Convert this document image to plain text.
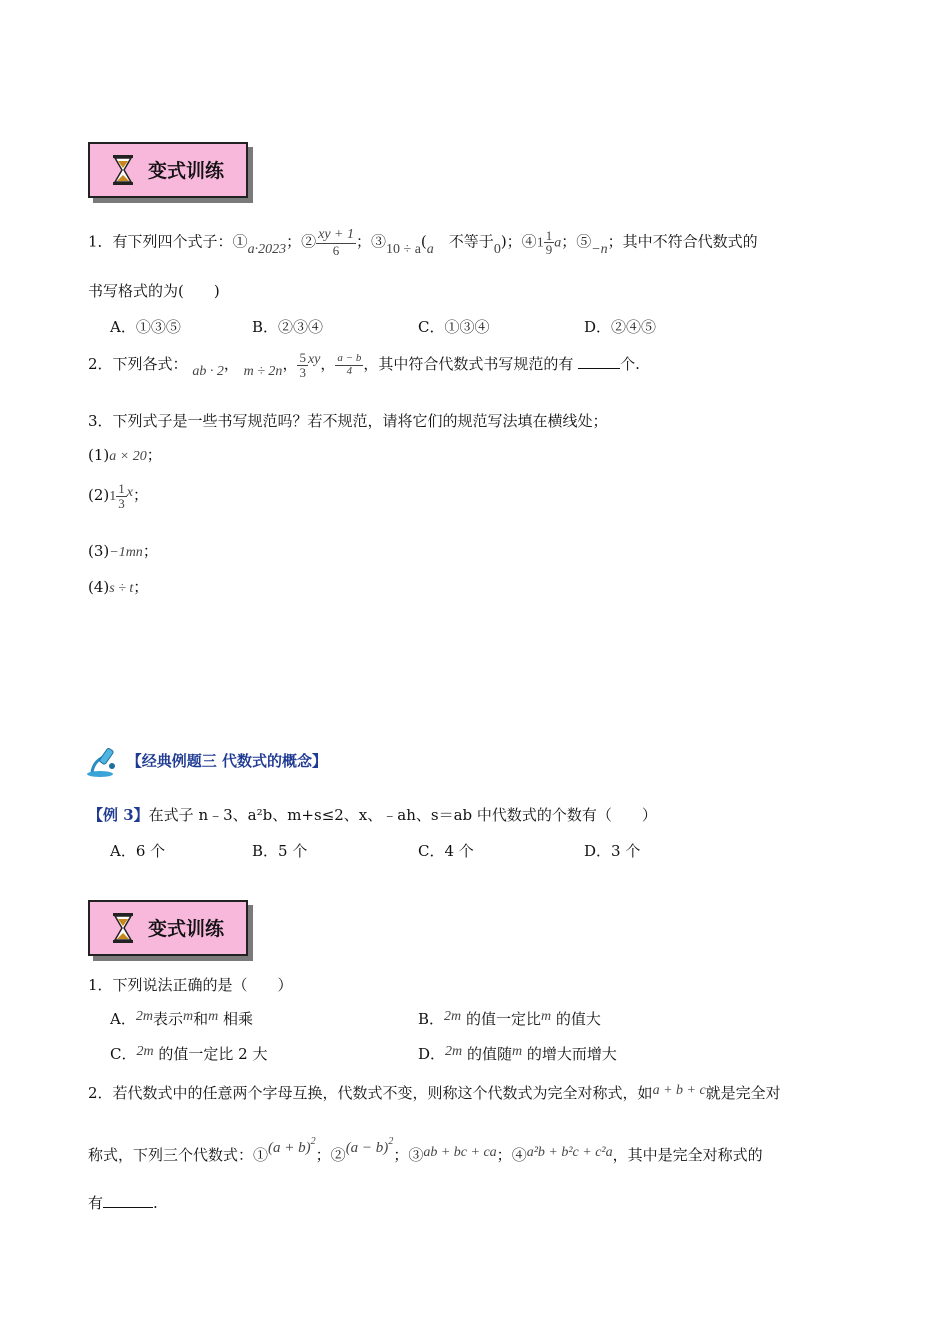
变式训练
1．有下列四个式子：①a·2023；② $\frac{xy + 1}{6}$ ；③10 ÷ a(a　 不等于0)；④1 $\frac{1}{9}$ a；⑤−n；其中不符合代数式的
书写格式的为(　　)
A．①③⑤	B．②③④	C．①③④	D．②④⑤
2．下列各式： ab · 2， m ÷ 2n， $\frac{5}{3}$ xy， $\frac{a - b}{4}$ ，其中符合代数式书写规范的有	个.
3．下列式子是一些书写规范吗？若不规范，请将它们的规范写法填在横线处；
(1)a × 20；
$(2)1 \frac{1}{3}$ x；
(3)−1mn；
(4)s ÷ t；
【经典例题三 代数式的概念】
【例 3】在式子 n﹣3、a²b、m+s≤2、x、﹣ah、s＝ab 中代数式的个数有（　　）
A．6 个	B．5 个	C．4 个	D．3 个
变式训练
1．下列说法正确的是（　　）
A．2m表示m和m 相乘	B．2m 的值一定比m 的值大
C．2m 的值一定比 2 大	D．2m 的值随m 的增大而增大
2．若代数式中的任意两个字母互换，代数式不变，则称这个代数式为完全对称式，如a + b + c就是完全对
称式，下列三个代数式：①(a + b)$^2$；②(a − b)$^2$；③ab + bc + ca；④a²b + b²c + c²a，其中是完全对称式的
有	.
